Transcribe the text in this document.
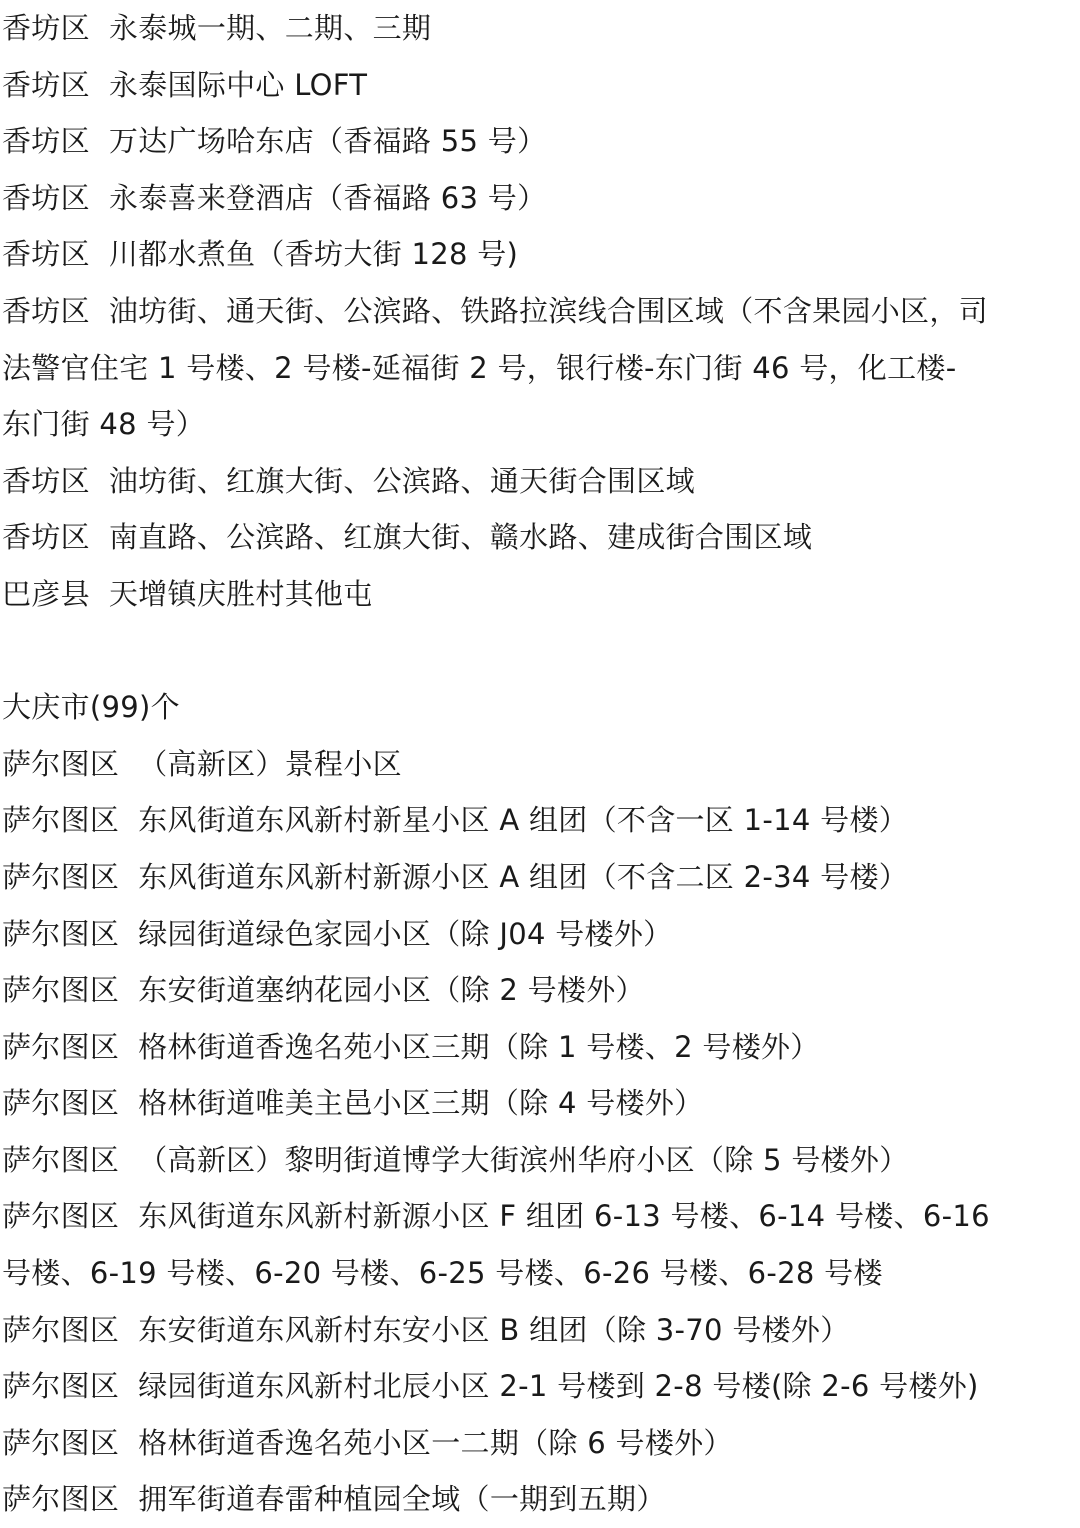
香坊区  永泰城一期、二期、三期
香坊区  永泰国际中心 LOFT
香坊区  万达广场哈东店（香福路 55 号）
香坊区  永泰喜来登酒店（香福路 63 号）
香坊区  川都水煮鱼（香坊大街 128 号)
香坊区  油坊街、通天街、公滨路、铁路拉滨线合围区域（不含果园小区，司
法警官住宅 1 号楼、2 号楼-延福街 2 号，银行楼-东门街 46 号，化工楼-
东门街 48 号）
香坊区  油坊街、红旗大街、公滨路、通天街合围区域
香坊区  南直路、公滨路、红旗大街、赣水路、建成街合围区域
巴彦县  天增镇庆胜村其他屯
大庆市(99)个
萨尔图区  （高新区）景程小区
萨尔图区  东风街道东风新村新星小区 A 组团（不含一区 1-14 号楼）
萨尔图区  东风街道东风新村新源小区 A 组团（不含二区 2-34 号楼）
萨尔图区  绿园街道绿色家园小区（除 J04 号楼外）
萨尔图区  东安街道塞纳花园小区（除 2 号楼外）
萨尔图区  格林街道香逸名苑小区三期（除 1 号楼、2 号楼外）
萨尔图区  格林街道唯美主邑小区三期（除 4 号楼外）
萨尔图区  （高新区）黎明街道博学大街滨州华府小区（除 5 号楼外）
萨尔图区  东风街道东风新村新源小区 F 组团 6-13 号楼、6-14 号楼、6-16
号楼、6-19 号楼、6-20 号楼、6-25 号楼、6-26 号楼、6-28 号楼
萨尔图区  东安街道东风新村东安小区 B 组团（除 3-70 号楼外）
萨尔图区  绿园街道东风新村北辰小区 2-1 号楼到 2-8 号楼(除 2-6 号楼外)
萨尔图区  格林街道香逸名苑小区一二期（除 6 号楼外）
萨尔图区  拥军街道春雷种植园全域（一期到五期）
